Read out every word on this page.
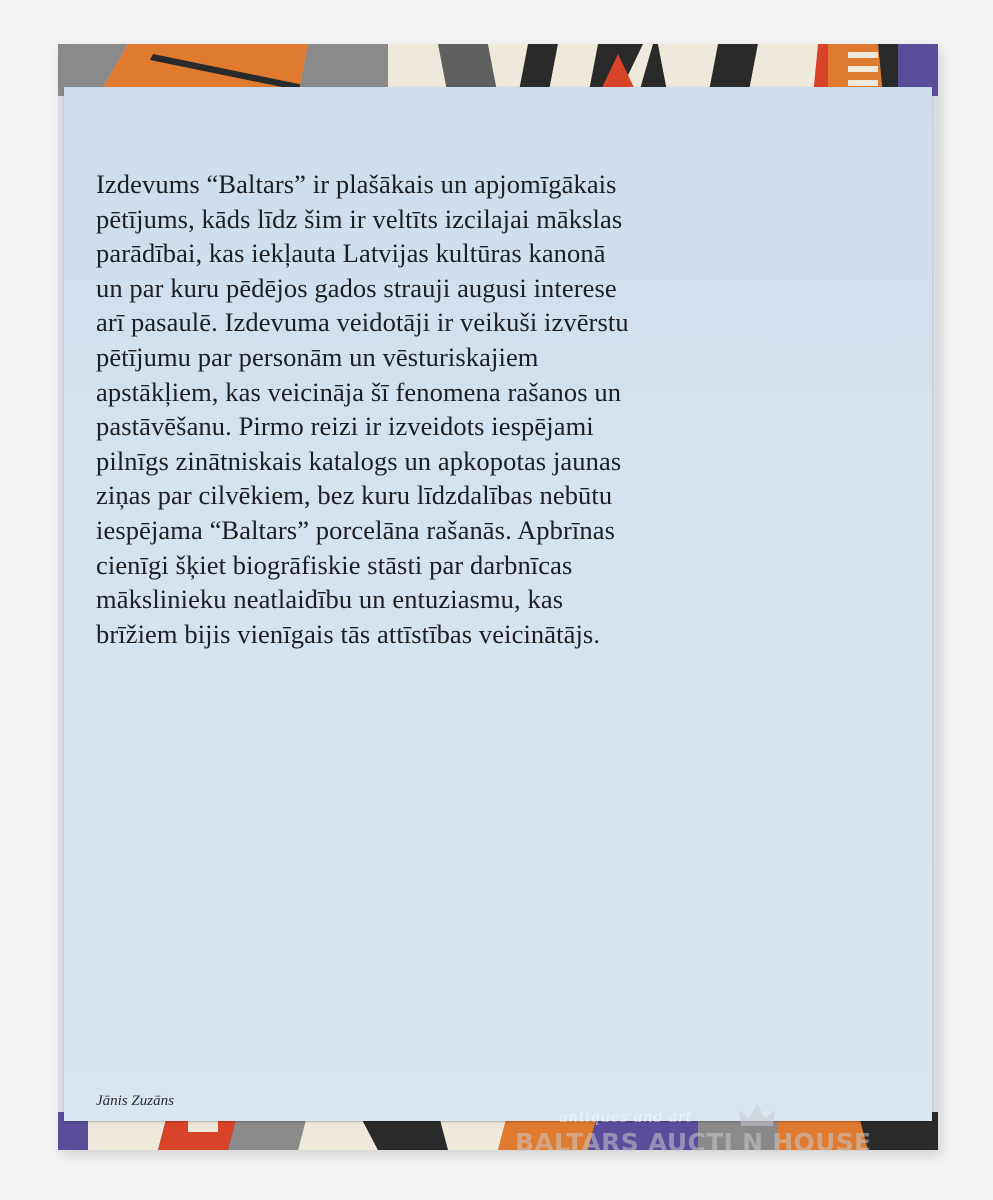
Izdevums “Baltars” ir plašākais un apjomīgākais
pētījums, kāds līdz šim ir veltīts izcilajai mākslas
parādībai, kas iekļauta Latvijas kultūras kanonā
un par kuru pēdējos gados strauji augusi interese
arī pasaulē. Izdevuma veidotāji ir veikuši izvērstu
pētījumu par personām un vēsturiskajiem
apstākļiem, kas veicināja šī fenomena rašanos un
pastāvēšanu. Pirmo reizi ir izveidots iespējami
pilnīgs zinātniskais katalogs un apkopotas jaunas
ziņas par cilvēkiem, bez kuru līdzdalības nebūtu
iespējama “Baltars” porcelāna rašanās. Apbrīnas
cienīgi šķiet biogrāfiskie stāsti par darbnīcas
mākslinieku neatlaidību un entuziasmu, kas
brīžiem bijis vienīgais tās attīstības veicinātājs.

Jānis Zuzāns
antiques and art
BALTARS AUCTI N HOUSE
